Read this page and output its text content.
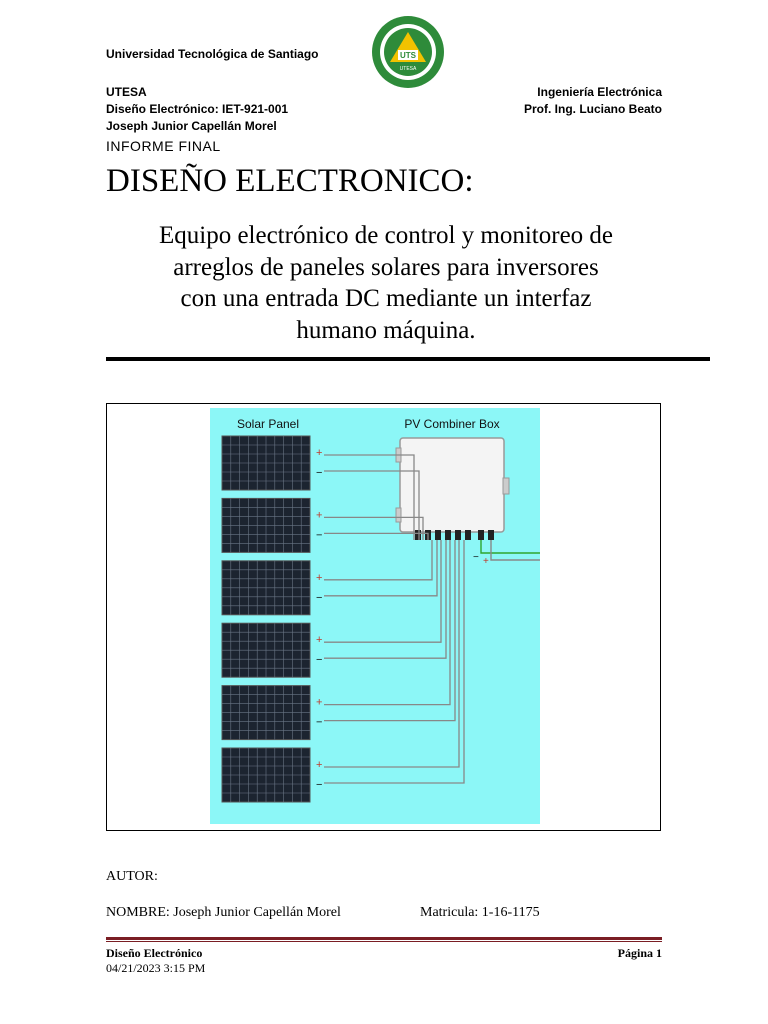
Universidad Tecnológica de Santiago	UTS
UTESA
UTESA
Diseño Electrónico: IET-921-001
Joseph Junior Capellán Morel
Ingeniería Electrónica
Prof. Ing. Luciano Beato
INFORME FINAL
DISEÑO ELECTRONICO:
Equipo electrónico de control y monitoreo de
arreglos de paneles solares para inversores
con una entrada DC mediante un interfaz
humano máquina.
Solar Panel	PV Combiner Box
− +
+
−
+
−
+
−
+
−
+
−
+
−
AUTOR:
NOMBRE: Joseph Junior Capellán Morel	Matricula: 1-16-1175
Diseño Electrónico
04/21/2023 3:15 PM
Página 1
